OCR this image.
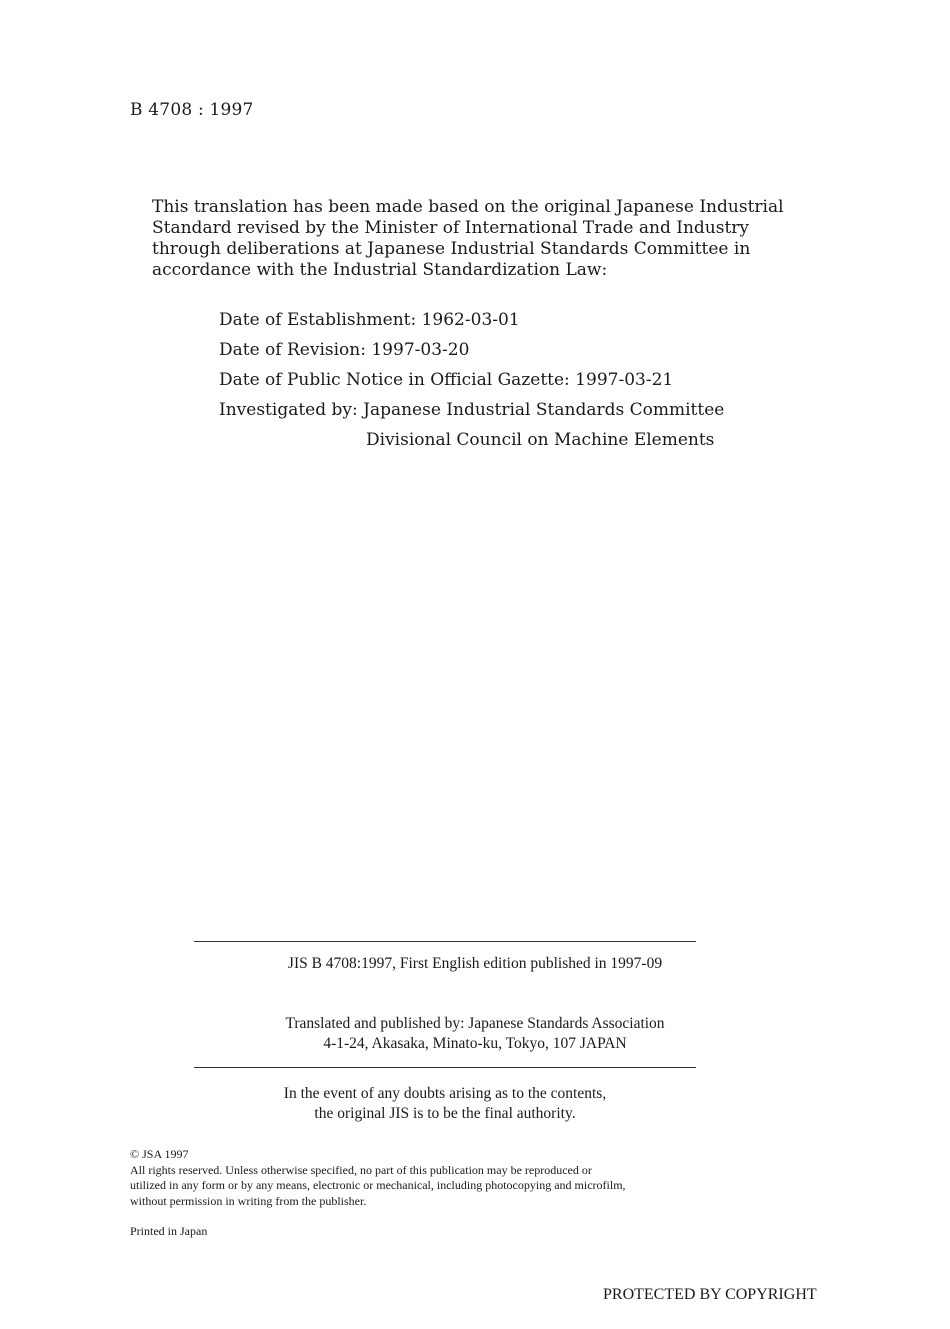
B 4708 : 1997
This translation has been made based on the original Japanese Industrial
Standard revised by the Minister of International Trade and Industry
through deliberations at Japanese Industrial Standards Committee in
accordance with the Industrial Standardization Law:
Date of Establishment: 1962-03-01
Date of Revision: 1997-03-20
Date of Public Notice in Official Gazette: 1997-03-21
Investigated by: Japanese Industrial Standards Committee
Divisional Council on Machine Elements
JIS B 4708:1997, First English edition published in 1997-09
Translated and published by: Japanese Standards Association
4-1-24, Akasaka, Minato-ku, Tokyo, 107 JAPAN
In the event of any doubts arising as to the contents,
the original JIS is to be the final authority.
© JSA 1997
All rights reserved. Unless otherwise specified, no part of this publication may be reproduced or
utilized in any form or by any means, electronic or mechanical, including photocopying and microfilm,
without permission in writing from the publisher.
Printed in Japan
PROTECTED BY COPYRIGHT
